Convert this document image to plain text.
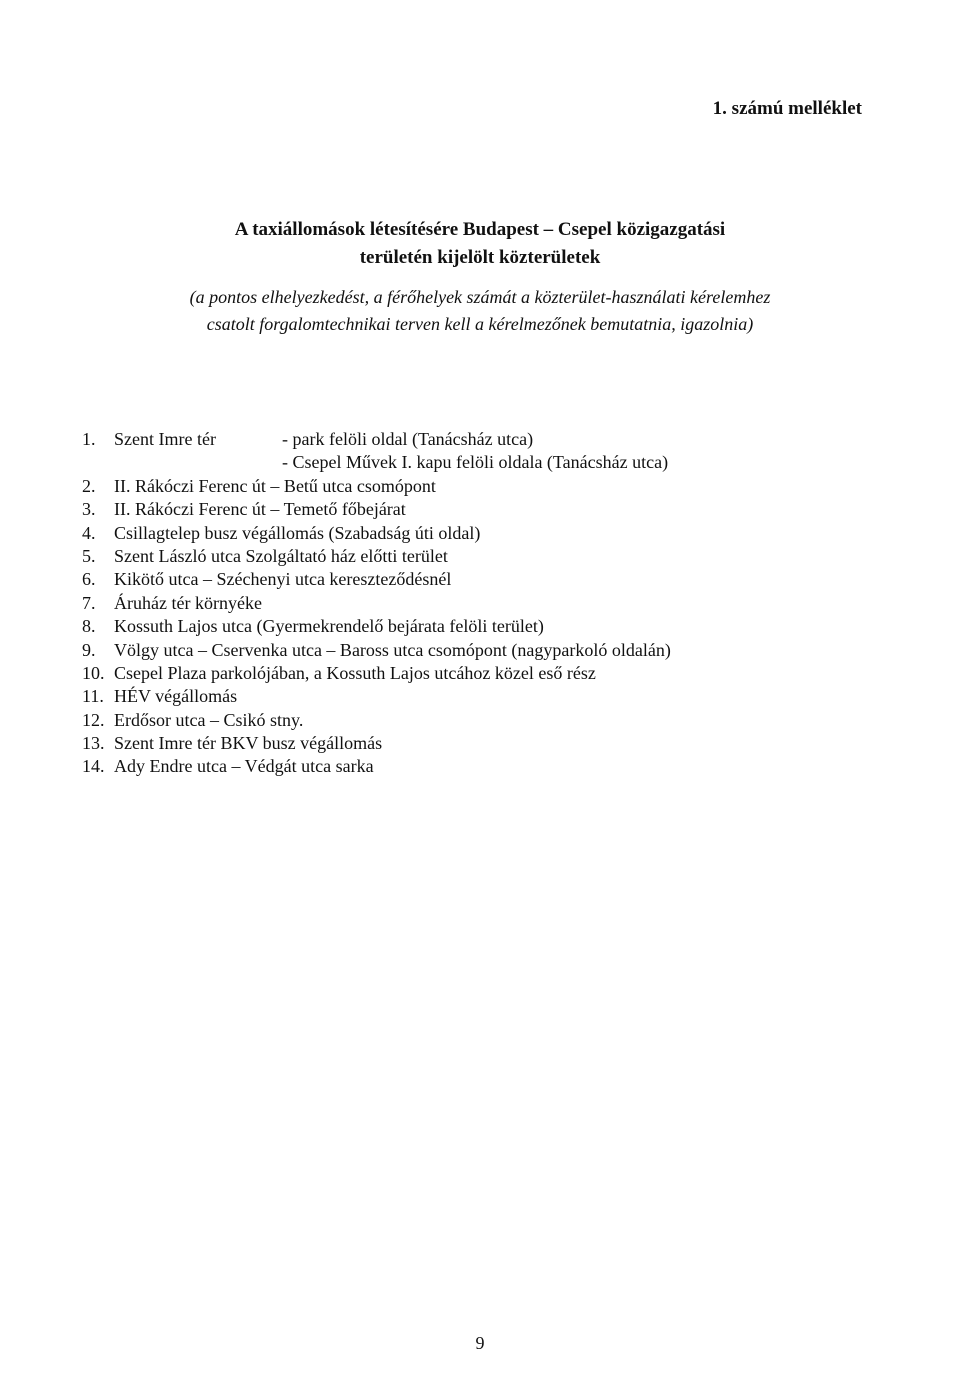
1. számú melléklet
A taxiállomások létesítésére Budapest – Csepel közigazgatási
területén kijelölt közterületek
(a pontos elhelyezkedést, a férőhelyek számát a közterület-használati kérelemhez
csatolt forgalomtechnikai terven kell a kérelmezőnek bemutatnia, igazolnia)
1. Szent Imre tér	- park felöli oldal (Tanácsház utca)
- Csepel Művek I. kapu felöli oldala (Tanácsház utca)
2. II. Rákóczi Ferenc út – Betű utca csomópont
3. II. Rákóczi Ferenc út – Temető főbejárat
4. Csillagtelep busz végállomás (Szabadság úti oldal)
5. Szent László utca Szolgáltató ház előtti terület
6. Kikötő utca – Széchenyi utca kereszteződésnél
7. Áruház tér környéke
8. Kossuth Lajos utca (Gyermekrendelő bejárata felöli terület)
9. Völgy utca – Cservenka utca – Baross utca csomópont (nagyparkoló oldalán)
10. Csepel Plaza parkolójában, a Kossuth Lajos utcához közel eső rész
11. HÉV végállomás
12. Erdősor utca – Csikó stny.
13. Szent Imre tér BKV busz végállomás
14. Ady Endre utca – Védgát utca sarka
9
